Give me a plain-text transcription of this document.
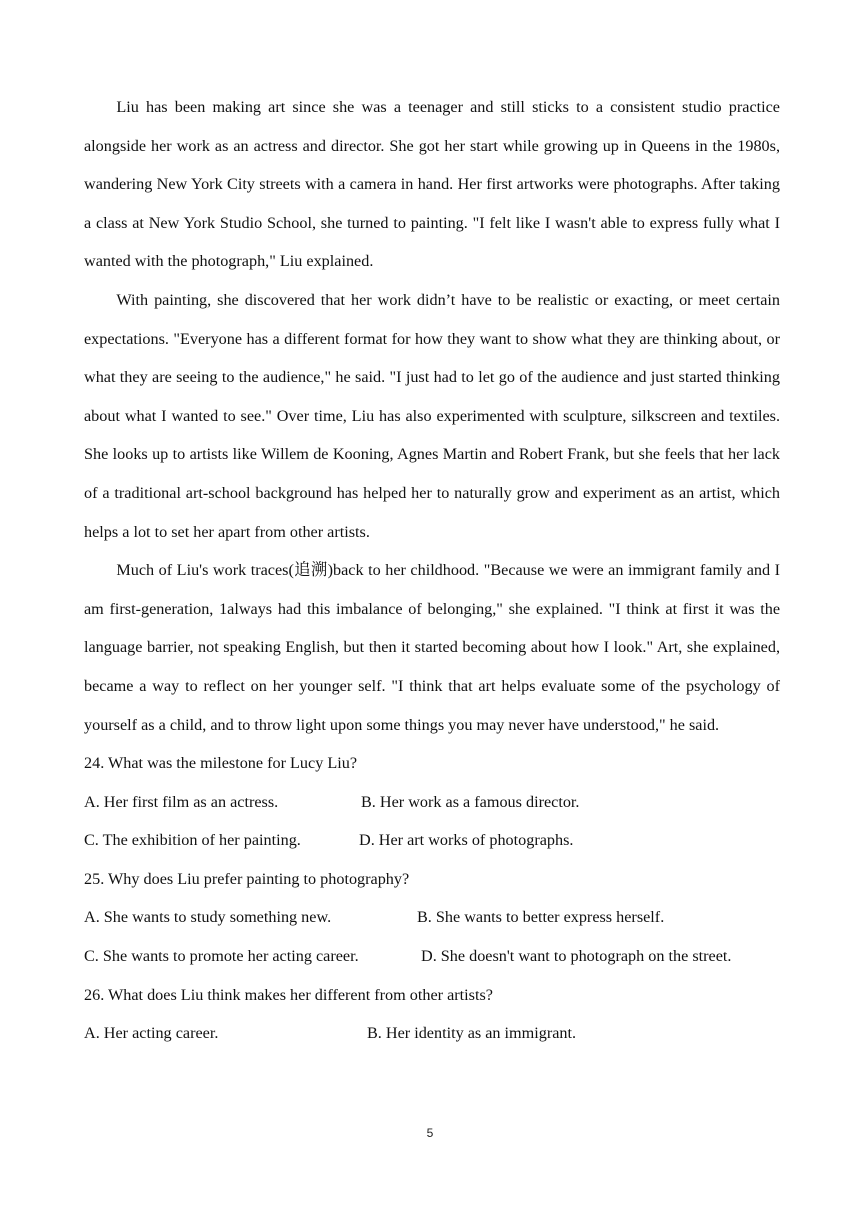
Liu has been making art since she was a teenager and still sticks to a consistent studio practice alongside her work as an actress and director. She got her start while growing up in Queens in the 1980s, wandering New York City streets with a camera in hand. Her first artworks were photographs. After taking a class at New York Studio School, she turned to painting. "I felt like I wasn't able to express fully what I wanted with the photograph," Liu explained.

With painting, she discovered that her work didn’t have to be realistic or exacting, or meet certain expectations. "Everyone has a different format for how they want to show what they are thinking about, or what they are seeing to the audience," he said. "I just had to let go of the audience and just started thinking about what I wanted to see." Over time, Liu has also experimented with sculpture, silkscreen and textiles. She looks up to artists like Willem de Kooning, Agnes Martin and Robert Frank, but she feels that her lack of a traditional art-school background has helped her to naturally grow and experiment as an artist, which helps a lot to set her apart from other artists.

Much of Liu's work traces(追溯)back to her childhood. "Because we were an immigrant family and I am first-generation, 1always had this imbalance of belonging," she explained. "I think at first it was the language barrier, not speaking English, but then it started becoming about how I look." Art, she explained, became a way to reflect on her younger self. "I think that art helps evaluate some of the psychology of yourself as a child, and to throw light upon some things you may never have understood," he said.

24. What was the milestone for Lucy Liu?

A. Her first film as an actress.	B. Her work as a famous director.
C. The exhibition of her painting.	D. Her art works of photographs.

25. Why does Liu prefer painting to photography?

A. She wants to study something new.	B. She wants to better express herself.
C. She wants to promote her acting career.	D. She doesn't want to photograph on the street.

26. What does Liu think makes her different from other artists?

A. Her acting career.	B. Her identity as an immigrant.
5
